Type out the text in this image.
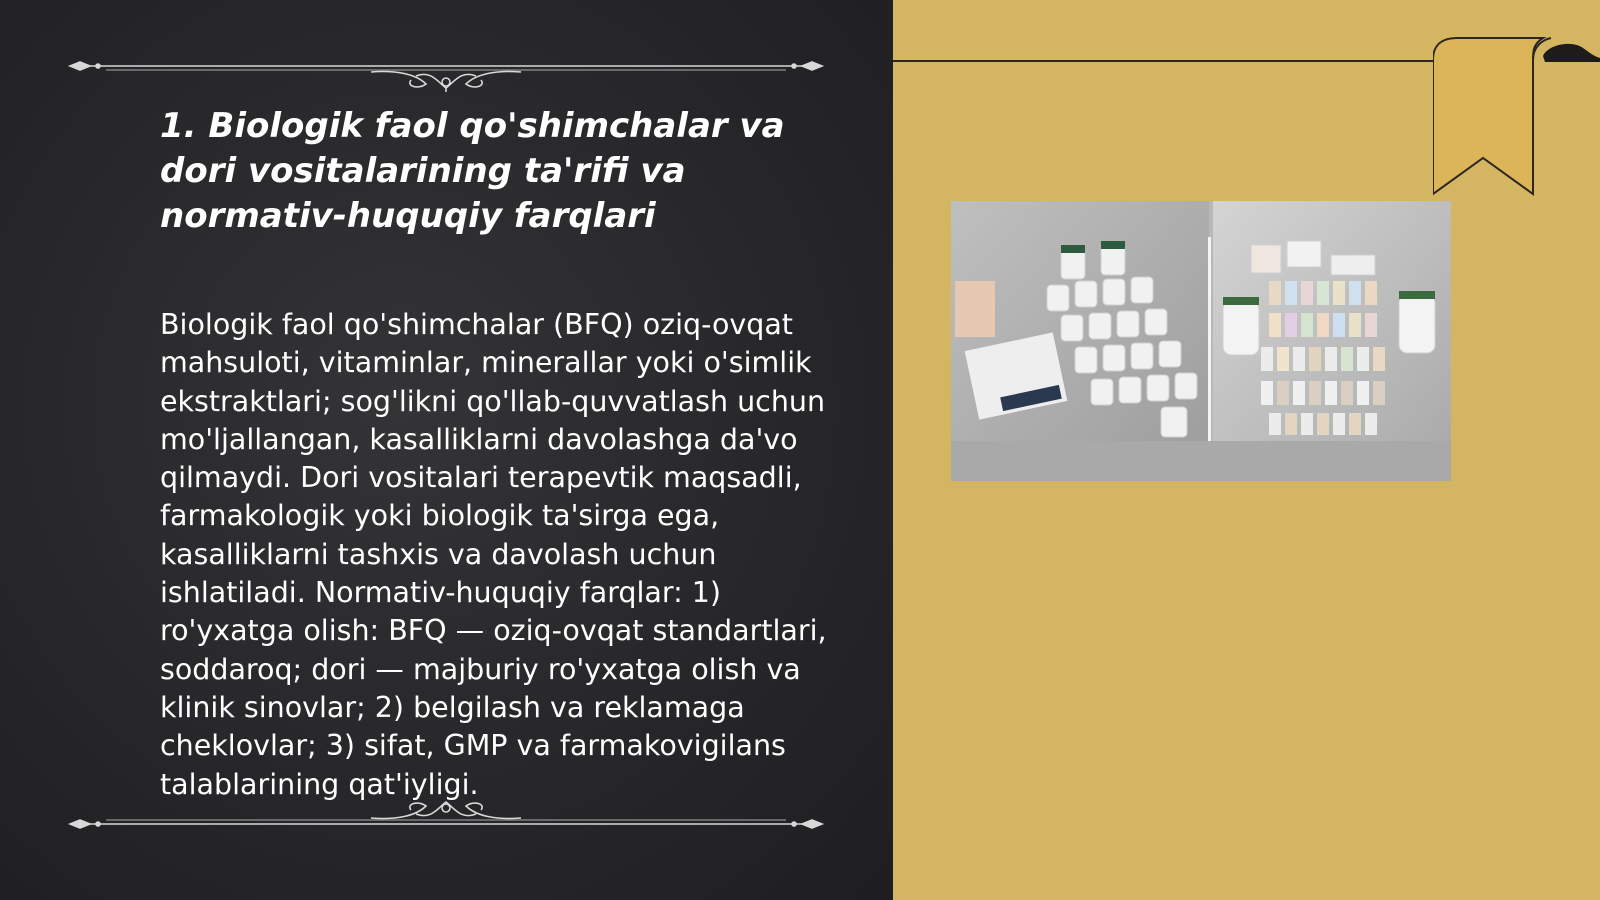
1. Biologik faol qo'shimchalar va dori vositalarining ta'rifi va normativ-huquqiy farqlari

Biologik faol qo'shimchalar (BFQ) oziq-ovqat mahsuloti, vitaminlar, minerallar yoki o'simlik ekstraktlari; sog'likni qo'llab-quvvatlash uchun mo'ljallangan, kasalliklarni davolashga da'vo qilmaydi. Dori vositalari terapevtik maqsadli, farmakologik yoki biologik ta'sirga ega, kasalliklarni tashxis va davolash uchun ishlatiladi. Normativ-huquqiy farqlar: 1) ro'yxatga olish: BFQ — oziq-ovqat standartlari, soddaroq; dori — majburiy ro'yxatga olish va klinik sinovlar; 2) belgilash va reklamaga cheklovlar; 3) sifat, GMP va farmakovigilans talablarining qat'iyligi.
